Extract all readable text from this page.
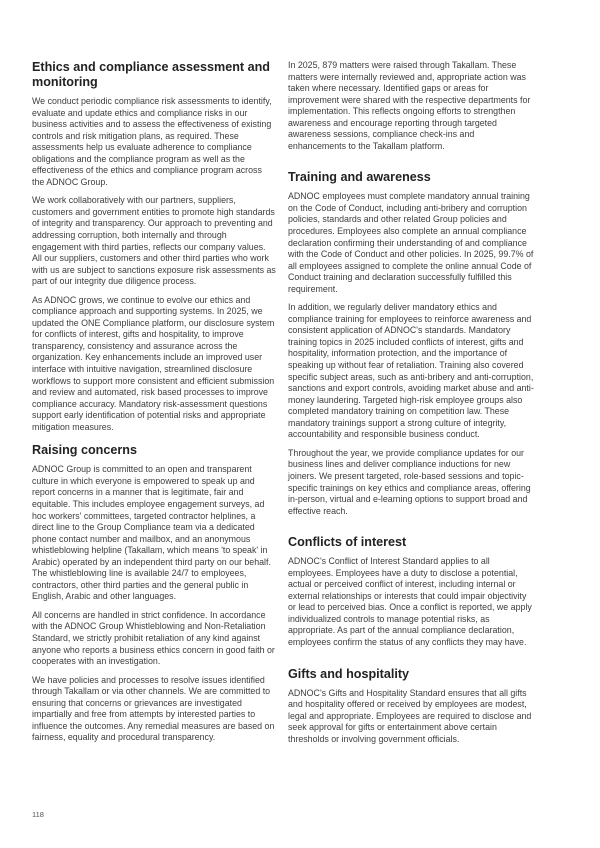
Ethics and compliance assessment and monitoring

We conduct periodic compliance risk assessments to identify, evaluate and update ethics and compliance risks in our business activities and to assess the effectiveness of existing controls and risk mitigation plans, as required. These assessments help us evaluate adherence to compliance obligations and the compliance program as well as the effectiveness of the ethics and compliance program across the ADNOC Group.

We work collaboratively with our partners, suppliers, customers and government entities to promote high standards of integrity and transparency. Our approach to preventing and addressing corruption, both internally and through engagement with third parties, reflects our company values. All our suppliers, customers and other third parties who work with us are subject to sanctions exposure risk assessments as part of our integrity due diligence process.

As ADNOC grows, we continue to evolve our ethics and compliance approach and supporting systems. In 2025, we updated the ONE Compliance platform, our disclosure system for conflicts of interest, gifts and hospitality, to improve transparency, consistency and assurance across the organization. Key enhancements include an improved user interface with intuitive navigation, streamlined disclosure workflows to support more consistent and efficient submission and review and automated, risk based processes to improve compliance accuracy. Mandatory risk-assessment questions support early identification of potential risks and appropriate mitigation measures.

Raising concerns

ADNOC Group is committed to an open and transparent culture in which everyone is empowered to speak up and report concerns in a manner that is legitimate, fair and equitable. This includes employee engagement surveys, ad hoc workers' committees, targeted contractor helplines, a direct line to the Group Compliance team via a dedicated phone contact number and mailbox, and an anonymous whistleblowing helpline (Takallam, which means 'to speak' in Arabic) operated by an independent third party on our behalf. The whistleblowing line is available 24/7 to employees, contractors, other third parties and the general public in English, Arabic and other languages.

All concerns are handled in strict confidence. In accordance with the ADNOC Group Whistleblowing and Non-Retaliation Standard, we strictly prohibit retaliation of any kind against anyone who reports a business ethics concern in good faith or cooperates with an investigation.

We have policies and processes to resolve issues identified through Takallam or via other channels. We are committed to ensuring that concerns or grievances are investigated impartially and free from attempts by interested parties to influence the outcomes. Any remedial measures are based on fairness, equality and procedural transparency.

In 2025, 879 matters were raised through Takallam. These matters were internally reviewed and, appropriate action was taken where necessary. Identified gaps or areas for improvement were shared with the respective departments for implementation. This reflects ongoing efforts to strengthen awareness and encourage reporting through targeted awareness sessions, compliance check-ins and enhancements to the Takallam platform.

Training and awareness

ADNOC employees must complete mandatory annual training on the Code of Conduct, including anti-bribery and corruption policies, standards and other related Group policies and procedures. Employees also complete an annual compliance declaration confirming their understanding of and compliance with the Code of Conduct and other policies. In 2025, 99.7% of all employees assigned to complete the online annual Code of Conduct training and declaration successfully fulfilled this requirement.

In addition, we regularly deliver mandatory ethics and compliance training for employees to reinforce awareness and consistent application of ADNOC's standards. Mandatory training topics in 2025 included conflicts of interest, gifts and hospitality, information protection, and the importance of speaking up without fear of retaliation. Training also covered specific subject areas, such as anti-bribery and anti-corruption, sanctions and export controls, avoiding market abuse and anti-money laundering. Targeted high-risk employee groups also completed mandatory training on competition law. These mandatory trainings support a strong culture of integrity, accountability and responsible business conduct.

Throughout the year, we provide compliance updates for our business lines and deliver compliance inductions for new joiners. We present targeted, role-based sessions and topic-specific trainings on key ethics and compliance areas, offering in-person, virtual and e-learning options to support broad and effective reach.

Conflicts of interest

ADNOC's Conflict of Interest Standard applies to all employees. Employees have a duty to disclose a potential, actual or perceived conflict of interest, including internal or external relationships or interests that could impair objectivity or lead to perceived bias. Once a conflict is reported, we apply individualized controls to manage potential risks, as appropriate. As part of the annual compliance declaration, employees confirm the status of any conflicts they may have.

Gifts and hospitality

ADNOC's Gifts and Hospitality Standard ensures that all gifts and hospitality offered or received by employees are modest, legal and appropriate. Employees are required to disclose and seek approval for gifts or entertainment above certain thresholds or involving government officials.

118
